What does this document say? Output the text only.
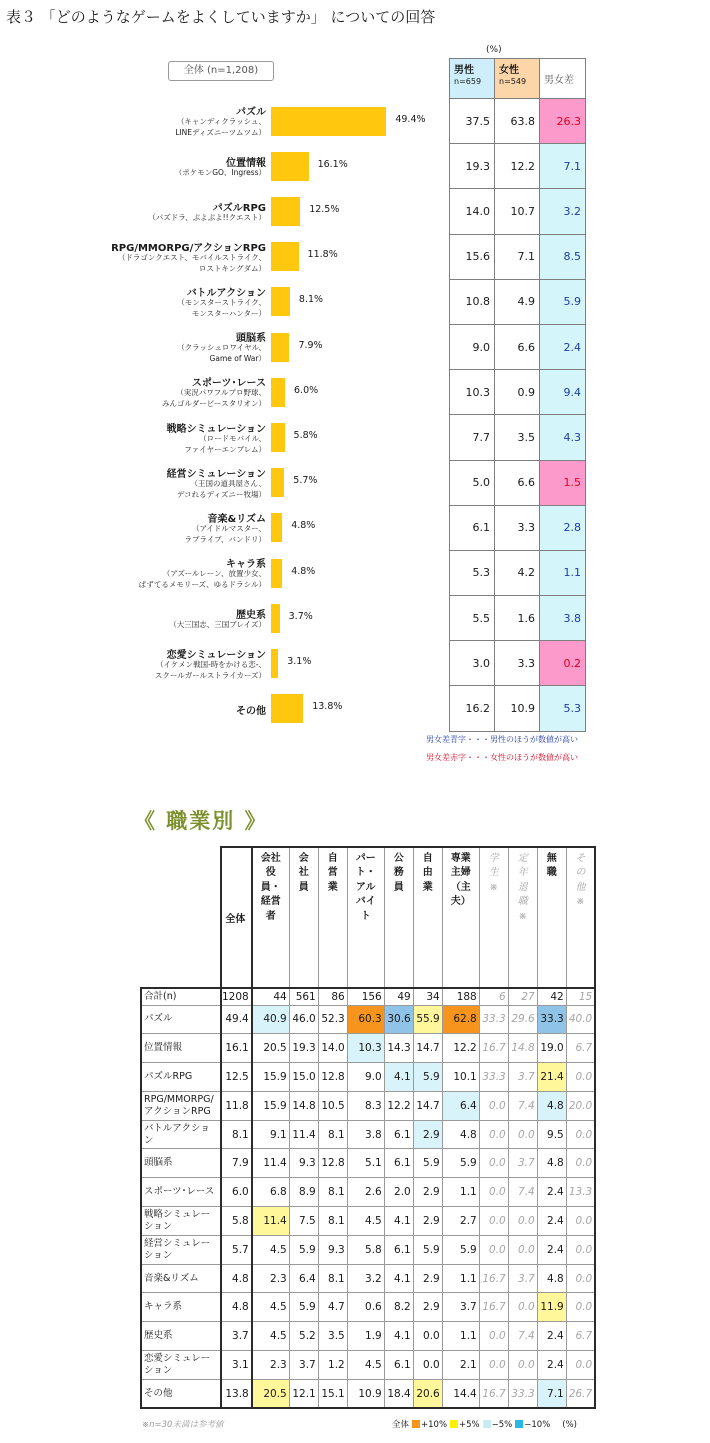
表３ 「どのようなゲームをよくしていますか」 についての回答
全体 (n=1,208)
(%)
パズル
（キャンディクラッシュ、
LINEディズニーツムツム）
49.4%
位置情報
（ポケモンGO、Ingress）
16.1%
パズルRPG
（パズドラ、ぷよぷよ!!クエスト）
12.5%
RPG/MMORPG/アクションRPG
（ドラゴンクエスト、モバイルストライク、
ロストキングダム）
11.8%
バトルアクション
（モンスターストライク、
モンスターハンター）
8.1%
頭脳系
（クラッシュロワイヤル、
Game of War）
7.9%
スポーツ･レース
（実況パワフルプロ野球、
みんゴルダービースタリオン）
6.0%
戦略シミュレーション
（ロードモバイル、
ファイヤーエンブレム）
5.8%
経営シミュレーション
（王国の道具屋さん、
デコれるディズニー牧場）
5.7%
音楽&リズム
（アイドルマスター、
ラブライブ、バンドリ）
4.8%
キャラ系
（アズールレーン、放置少女、
ぱずてるメモリーズ、ゆるドラシル）
4.8%
歴史系
（大三国志、三国ブレイズ）
3.7%
恋愛シミュレーション
（イケメン戦国-時をかける恋-、
スクールガールストライカーズ）
3.1%
その他	13.8%
男性
n=659	女性
n=549	男女差
37.5	63.8	26.3
19.3	12.2	7.1
14.0	10.7	3.2
15.6	7.1	8.5
10.8	4.9	5.9
9.0	6.6	2.4
10.3	0.9	9.4
7.7	3.5	4.3
5.0	6.6	1.5
6.1	3.3	2.8
5.3	4.2	1.1
5.5	1.6	3.8
3.0	3.3	0.2
16.2	10.9	5.3
男女差青字・・・男性のほうが数値が高い
男女差赤字・・・女性のほうが数値が高い
《 職業別 》
	全体	会社役員・経営者	会社員	自営業	パート・アルバイト	公務員	自由業	専業主婦（主夫）	学生※	定年退職※	無職	その他※
合計(n)	1208	44	561	86	156	49	34	188	6	27	42	15
パズル	49.4	40.9	46.0	52.3	60.3	30.6	55.9	62.8	33.3	29.6	33.3	40.0
位置情報	16.1	20.5	19.3	14.0	10.3	14.3	14.7	12.2	16.7	14.8	19.0	6.7
パズルRPG	12.5	15.9	15.0	12.8	9.0	4.1	5.9	10.1	33.3	3.7	21.4	0.0
RPG/MMORPG/アクションRPG	11.8	15.9	14.8	10.5	8.3	12.2	14.7	6.4	0.0	7.4	4.8	20.0
バトルアクション	8.1	9.1	11.4	8.1	3.8	6.1	2.9	4.8	0.0	0.0	9.5	0.0
頭脳系	7.9	11.4	9.3	12.8	5.1	6.1	5.9	5.9	0.0	3.7	4.8	0.0
スポーツ･レース	6.0	6.8	8.9	8.1	2.6	2.0	2.9	1.1	0.0	7.4	2.4	13.3
戦略シミュレーション	5.8	11.4	7.5	8.1	4.5	4.1	2.9	2.7	0.0	0.0	2.4	0.0
経営シミュレーション	5.7	4.5	5.9	9.3	5.8	6.1	5.9	5.9	0.0	0.0	2.4	0.0
音楽&リズム	4.8	2.3	6.4	8.1	3.2	4.1	2.9	1.1	16.7	3.7	4.8	0.0
キャラ系	4.8	4.5	5.9	4.7	0.6	8.2	2.9	3.7	16.7	0.0	11.9	0.0
歴史系	3.7	4.5	5.2	3.5	1.9	4.1	0.0	1.1	0.0	7.4	2.4	6.7
恋愛シミュレーション	3.1	2.3	3.7	1.2	4.5	6.1	0.0	2.1	0.0	0.0	2.4	0.0
その他	13.8	20.5	12.1	15.1	10.9	18.4	20.6	14.4	16.7	33.3	7.1	26.7
※n=30未満は参考値	全体 +10% +5% −5% −10% (%)
